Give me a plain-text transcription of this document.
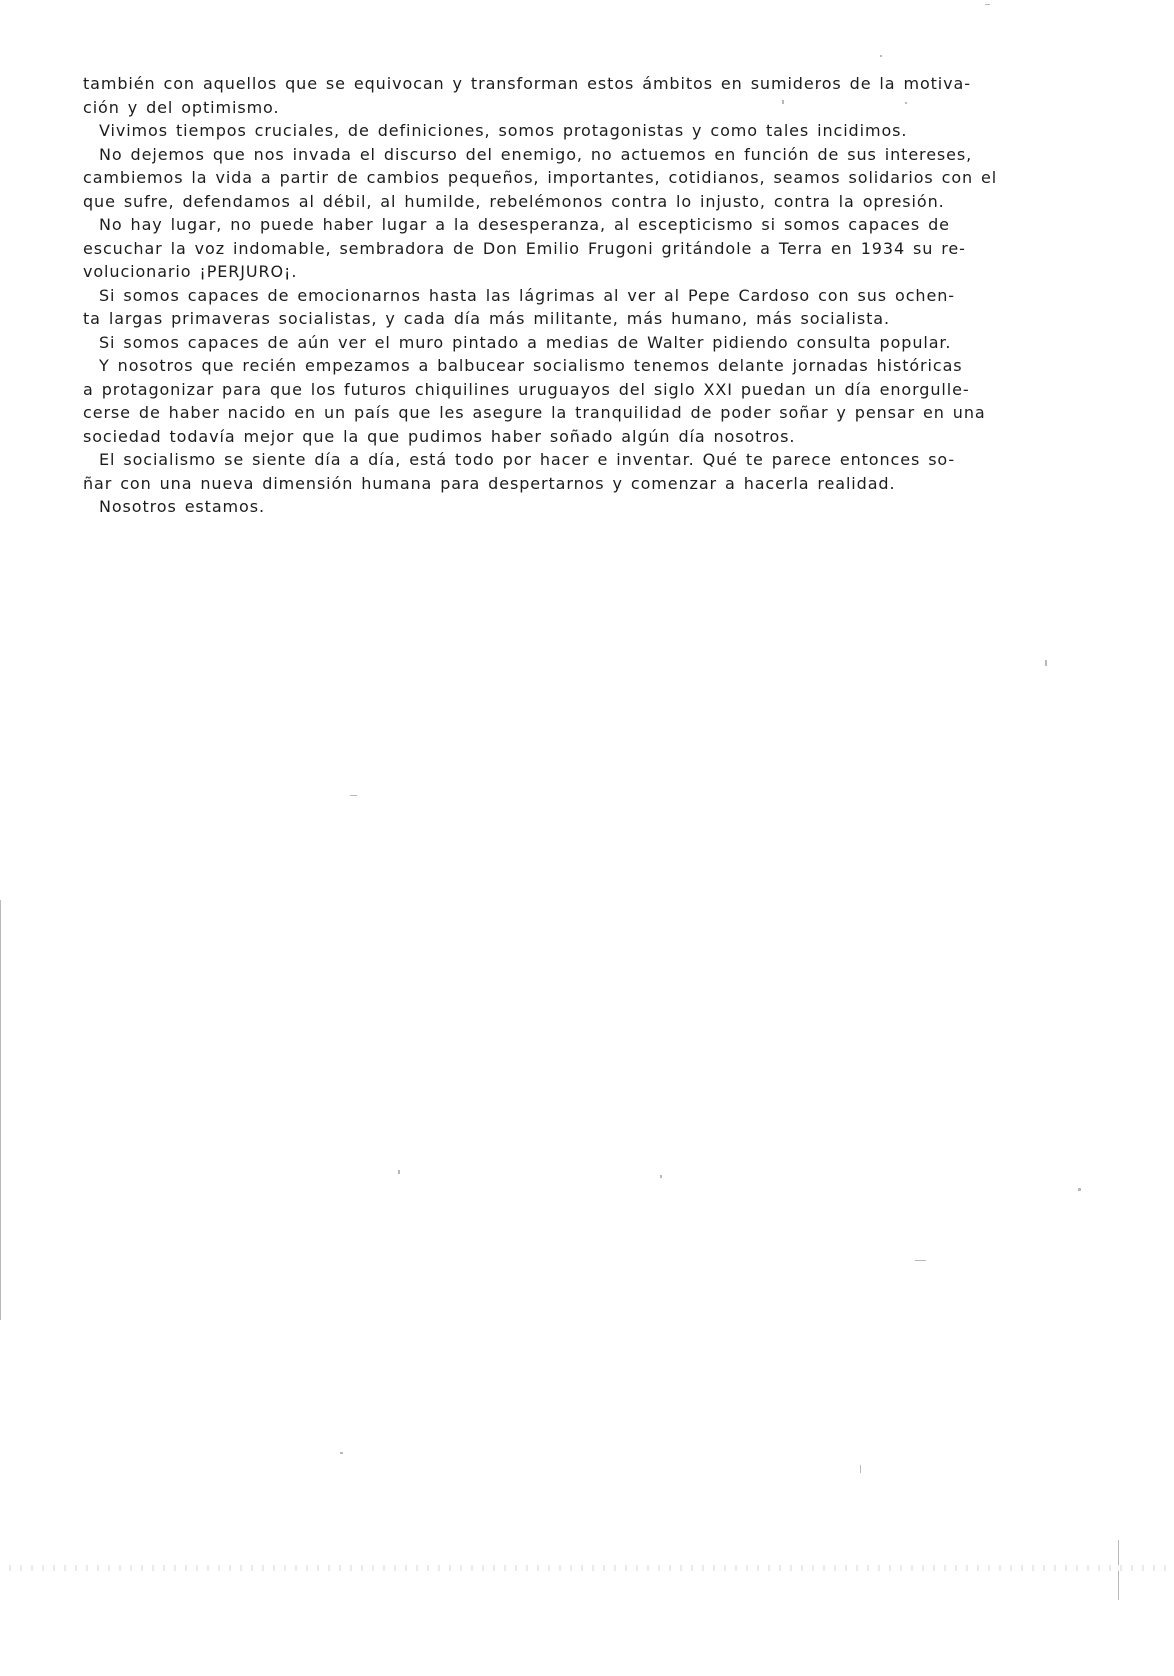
también con aquellos que se equivocan y transforman estos ámbitos en sumideros de la motiva-
ción y del optimismo.
Vivimos tiempos cruciales, de definiciones, somos protagonistas y como tales incidimos.
No dejemos que nos invada el discurso del enemigo, no actuemos en función de sus intereses,
cambiemos la vida a partir de cambios pequeños, importantes, cotidianos, seamos solidarios con el
que sufre, defendamos al débil, al humilde, rebelémonos contra lo injusto, contra la opresión.
No hay lugar, no puede haber lugar a la desesperanza, al escepticismo si somos capaces de
escuchar la voz indomable, sembradora de Don Emilio Frugoni gritándole a Terra en 1934 su re-
volucionario ¡PERJURO¡.
Si somos capaces de emocionarnos hasta las lágrimas al ver al Pepe Cardoso con sus ochen-
ta largas primaveras socialistas, y cada día más militante, más humano, más socialista.
Si somos capaces de aún ver el muro pintado a medias de Walter pidiendo consulta popular.
Y nosotros que recién empezamos a balbucear socialismo tenemos delante jornadas históricas
a protagonizar para que los futuros chiquilines uruguayos del siglo XXI puedan un día enorgulle-
cerse de haber nacido en un país que les asegure la tranquilidad de poder soñar y pensar en una
sociedad todavía mejor que la que pudimos haber soñado algún día nosotros.
El socialismo se siente día a día, está todo por hacer e inventar. Qué te parece entonces so-
ñar con una nueva dimensión humana para despertarnos y comenzar a hacerla realidad.
Nosotros estamos.
